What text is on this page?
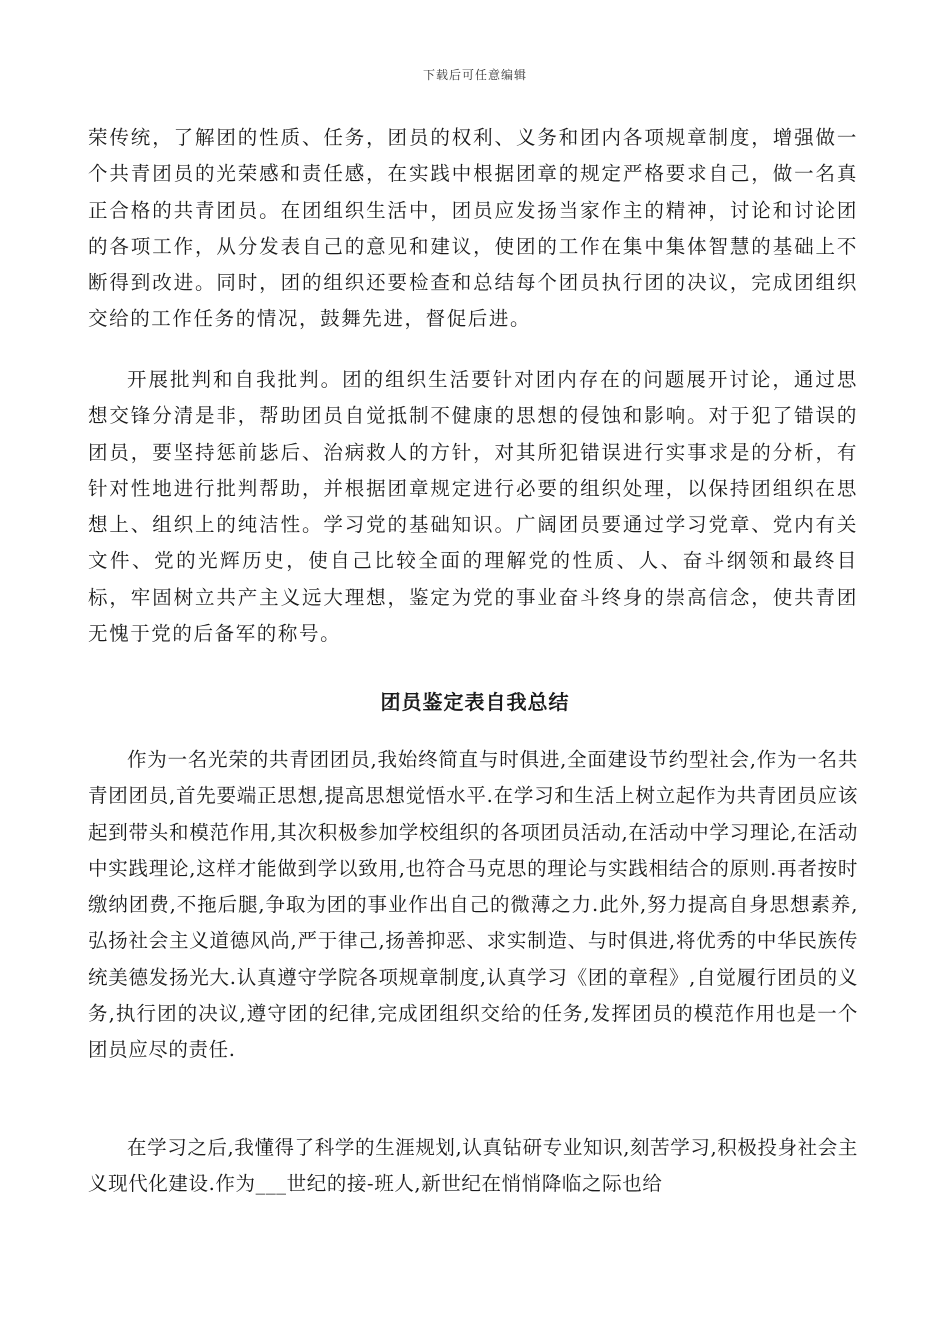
下载后可任意编辑

荣传统，了解团的性质、任务，团员的权利、义务和团内各项规章制度，增强做一个共青团员的光荣感和责任感，在实践中根据团章的规定严格要求自己，做一名真正合格的共青团员。在团组织生活中，团员应发扬当家作主的精神，讨论和讨论团的各项工作，从分发表自己的意见和建议，使团的工作在集中集体智慧的基础上不断得到改进。同时，团的组织还要检查和总结每个团员执行团的决议，完成团组织交给的工作任务的情况，鼓舞先进，督促后进。

开展批判和自我批判。团的组织生活要针对团内存在的问题展开讨论，通过思想交锋分清是非，帮助团员自觉抵制不健康的思想的侵蚀和影响。对于犯了错误的团员，要坚持惩前毖后、治病救人的方针，对其所犯错误进行实事求是的分析，有针对性地进行批判帮助，并根据团章规定进行必要的组织处理，以保持团组织在思想上、组织上的纯洁性。学习党的基础知识。广阔团员要通过学习党章、党内有关文件、党的光辉历史，使自己比较全面的理解党的性质、人、奋斗纲领和最终目标，牢固树立共产主义远大理想，鉴定为党的事业奋斗终身的崇高信念，使共青团无愧于党的后备军的称号。

团员鉴定表自我总结

作为一名光荣的共青团团员,我始终简直与时俱进,全面建设节约型社会,作为一名共青团团员,首先要端正思想,提高思想觉悟水平.在学习和生活上树立起作为共青团员应该起到带头和模范作用,其次积极参加学校组织的各项团员活动,在活动中学习理论,在活动中实践理论,这样才能做到学以致用,也符合马克思的理论与实践相结合的原则.再者按时缴纳团费,不拖后腿,争取为团的事业作出自己的微薄之力.此外,努力提高自身思想素养,弘扬社会主义道德风尚,严于律己,扬善抑恶、求实制造、与时俱进,将优秀的中华民族传统美德发扬光大.认真遵守学院各项规章制度,认真学习《团的章程》,自觉履行团员的义务,执行团的决议,遵守团的纪律,完成团组织交给的任务,发挥团员的模范作用也是一个团员应尽的责任.

在学习之后,我懂得了科学的生涯规划,认真钻研专业知识,刻苦学习,积极投身社会主义现代化建设.作为___世纪的接-班人,新世纪在悄悄降临之际也给
